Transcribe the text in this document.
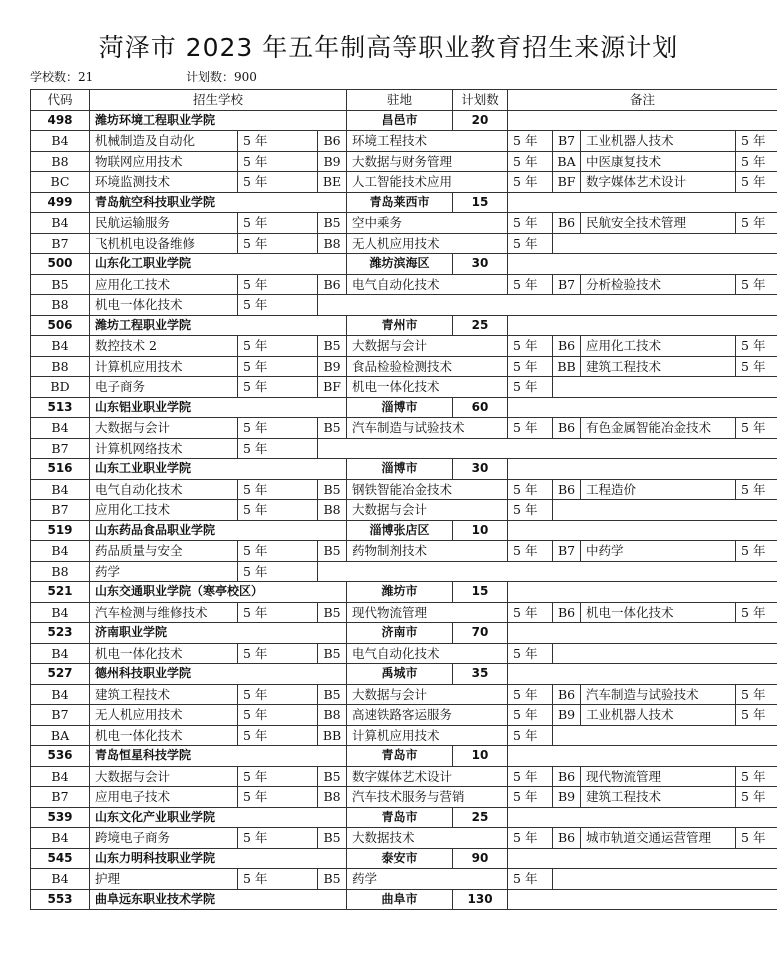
菏泽市 2023 年五年制高等职业教育招生来源计划
学校数：21	计划数：900
代码	招生学校			驻地	计划数	备注			
498	潍坊环境工程职业学院			昌邑市	20				
B4	机械制造及自动化	5 年	B6	环境工程技术		5 年	B7	工业机器人技术	5 年
B8	物联网应用技术	5 年	B9	大数据与财务管理		5 年	BA	中医康复技术	5 年
BC	环境监测技术	5 年	BE	人工智能技术应用		5 年	BF	数字媒体艺术设计	5 年
499	青岛航空科技职业学院			青岛莱西市	15				
B4	民航运输服务	5 年	B5	空中乘务		5 年	B6	民航安全技术管理	5 年
B7	飞机机电设备维修	5 年	B8	无人机应用技术		5 年			
500	山东化工职业学院			潍坊滨海区	30				
B5	应用化工技术	5 年	B6	电气自动化技术		5 年	B7	分析检验技术	5 年
B8	机电一体化技术	5 年							
506	潍坊工程职业学院			青州市	25				
B4	数控技术 2	5 年	B5	大数据与会计		5 年	B6	应用化工技术	5 年
B8	计算机应用技术	5 年	B9	食品检验检测技术		5 年	BB	建筑工程技术	5 年
BD	电子商务	5 年	BF	机电一体化技术		5 年			
513	山东铝业职业学院			淄博市	60				
B4	大数据与会计	5 年	B5	汽车制造与试验技术		5 年	B6	有色金属智能冶金技术	5 年
B7	计算机网络技术	5 年							
516	山东工业职业学院			淄博市	30				
B4	电气自动化技术	5 年	B5	钢铁智能冶金技术		5 年	B6	工程造价	5 年
B7	应用化工技术	5 年	B8	大数据与会计		5 年			
519	山东药品食品职业学院			淄博张店区	10				
B4	药品质量与安全	5 年	B5	药物制剂技术		5 年	B7	中药学	5 年
B8	药学	5 年							
521	山东交通职业学院（寒亭校区）			潍坊市	15				
B4	汽车检测与维修技术	5 年	B5	现代物流管理		5 年	B6	机电一体化技术	5 年
523	济南职业学院			济南市	70				
B4	机电一体化技术	5 年	B5	电气自动化技术		5 年			
527	德州科技职业学院			禹城市	35				
B4	建筑工程技术	5 年	B5	大数据与会计		5 年	B6	汽车制造与试验技术	5 年
B7	无人机应用技术	5 年	B8	高速铁路客运服务		5 年	B9	工业机器人技术	5 年
BA	机电一体化技术	5 年	BB	计算机应用技术		5 年			
536	青岛恒星科技学院			青岛市	10				
B4	大数据与会计	5 年	B5	数字媒体艺术设计		5 年	B6	现代物流管理	5 年
B7	应用电子技术	5 年	B8	汽车技术服务与营销		5 年	B9	建筑工程技术	5 年
539	山东文化产业职业学院			青岛市	25				
B4	跨境电子商务	5 年	B5	大数据技术		5 年	B6	城市轨道交通运营管理	5 年
545	山东力明科技职业学院			泰安市	90				
B4	护理	5 年	B5	药学		5 年			
553	曲阜远东职业技术学院			曲阜市	130				
